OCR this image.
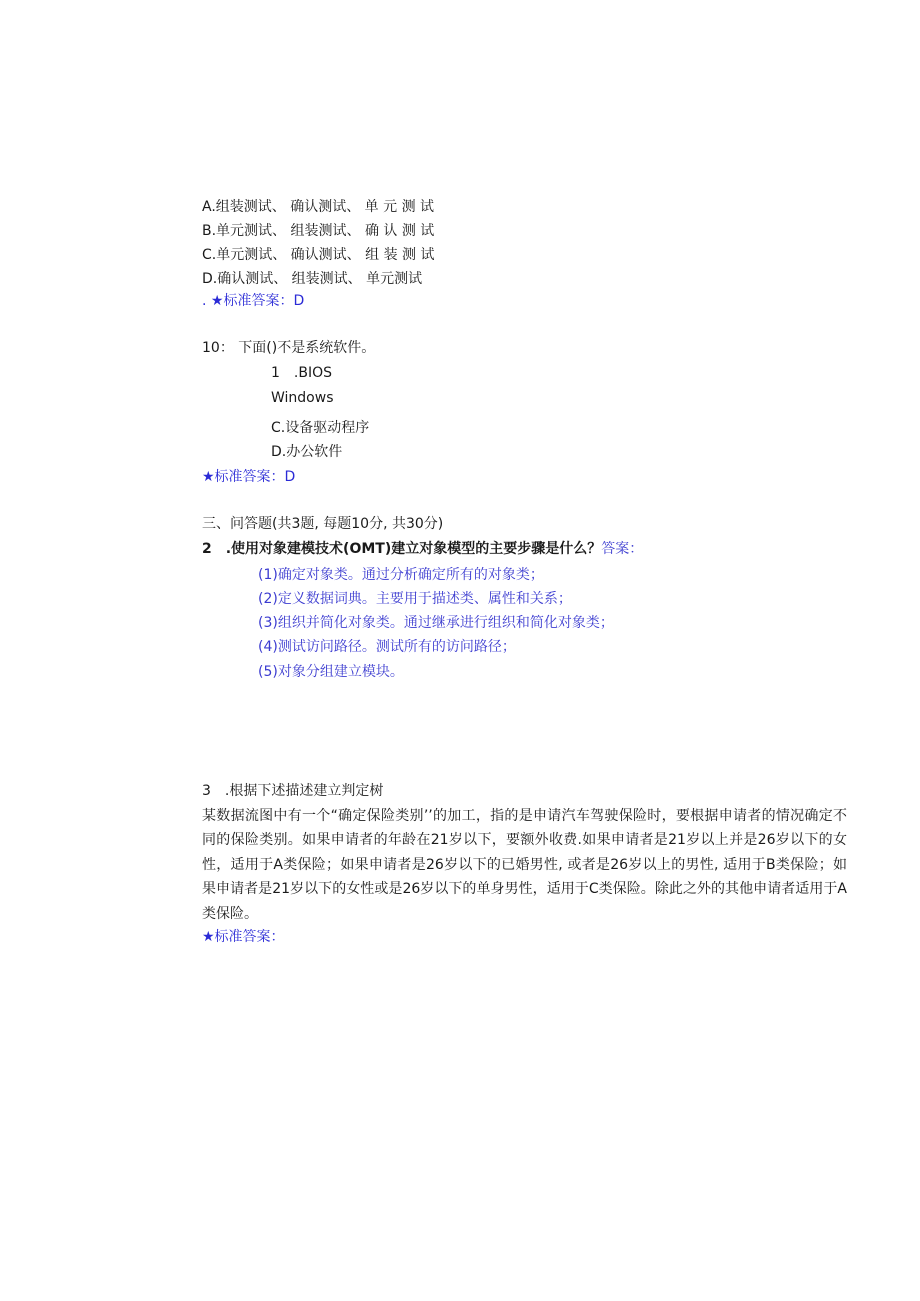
A.组装测试、 确认测试、 单 元 测 试
B.单元测试、 组装测试、 确 认 测 试
C.单元测试、 确认测试、 组 装 测 试
D.确认测试、 组装测试、 单元测试
. ★标准答案：D
10： 下面()不是系统软件。
1　.BIOS
Windows
C.设备驱动程序
D.办公软件
★标准答案：D
三、问答题(共3题, 每题10分, 共30分)
2　.使用对象建模技术(OMT)建立对象模型的主要步骤是什么？答案：
(1)确定对象类。通过分析确定所有的对象类；
(2)定义数据词典。主要用于描述类、属性和关系；
(3)组织并简化对象类。通过继承进行组织和简化对象类；
(4)测试访问路径。测试所有的访问路径；
(5)对象分组建立模块。
3　.根据下述描述建立判定树
某数据流图中有一个“确定保险类别’’的加工，指的是申请汽车驾驶保险时，要根据申请者的情况确定不同的保险类别。如果申请者的年龄在21岁以下，要额外收费.如果申请者是21岁以上并是26岁以下的女性，适用于A类保险；如果申请者是26岁以下的已婚男性, 或者是26岁以上的男性, 适用于B类保险；如果申请者是21岁以下的女性或是26岁以下的单身男性，适用于C类保险。除此之外的其他申请者适用于A类保险。
★标准答案：
